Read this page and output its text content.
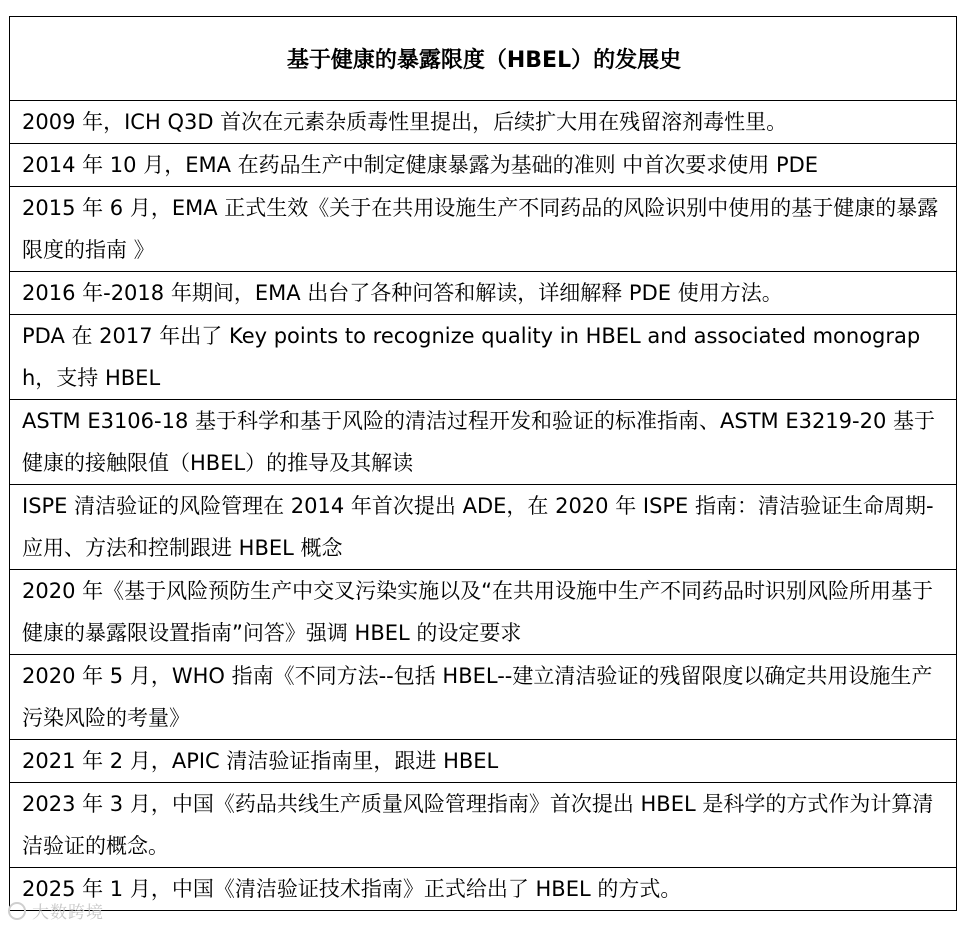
基于健康的暴露限度（HBEL）的发展史
2009 年，ICH Q3D 首次在元素杂质毒性里提出，后续扩大用在残留溶剂毒性里。
2014 年 10 月，EMA 在药品生产中制定健康暴露为基础的准则 中首次要求使用 PDE
2015 年 6 月，EMA 正式生效《关于在共用设施生产不同药品的风险识别中使用的基于健康的暴露限度的指南 》
2016 年-2018 年期间，EMA 出台了各种问答和解读，详细解释 PDE 使用方法。
PDA 在 2017 年出了 Key points to recognize quality in HBEL and associated monograph，支持 HBEL
ASTM E3106-18 基于科学和基于风险的清洁过程开发和验证的标准指南、ASTM E3219-20 基于健康的接触限值（HBEL）的推导及其解读
ISPE 清洁验证的风险管理在 2014 年首次提出 ADE，在 2020 年 ISPE 指南：清洁验证生命周期-应用、方法和控制跟进 HBEL 概念
2020 年《基于风险预防生产中交叉污染实施以及“在共用设施中生产不同药品时识别风险所用基于健康的暴露限设置指南”问答》强调 HBEL 的设定要求
2020 年 5 月，WHO 指南《不同方法--包括 HBEL--建立清洁验证的残留限度以确定共用设施生产污染风险的考量》
2021 年 2 月，APIC 清洁验证指南里，跟进 HBEL
2023 年 3 月，中国《药品共线生产质量风险管理指南》首次提出 HBEL 是科学的方式作为计算清洁验证的概念。
2025 年 1 月，中国《清洁验证技术指南》正式给出了 HBEL 的方式。
大数跨境
